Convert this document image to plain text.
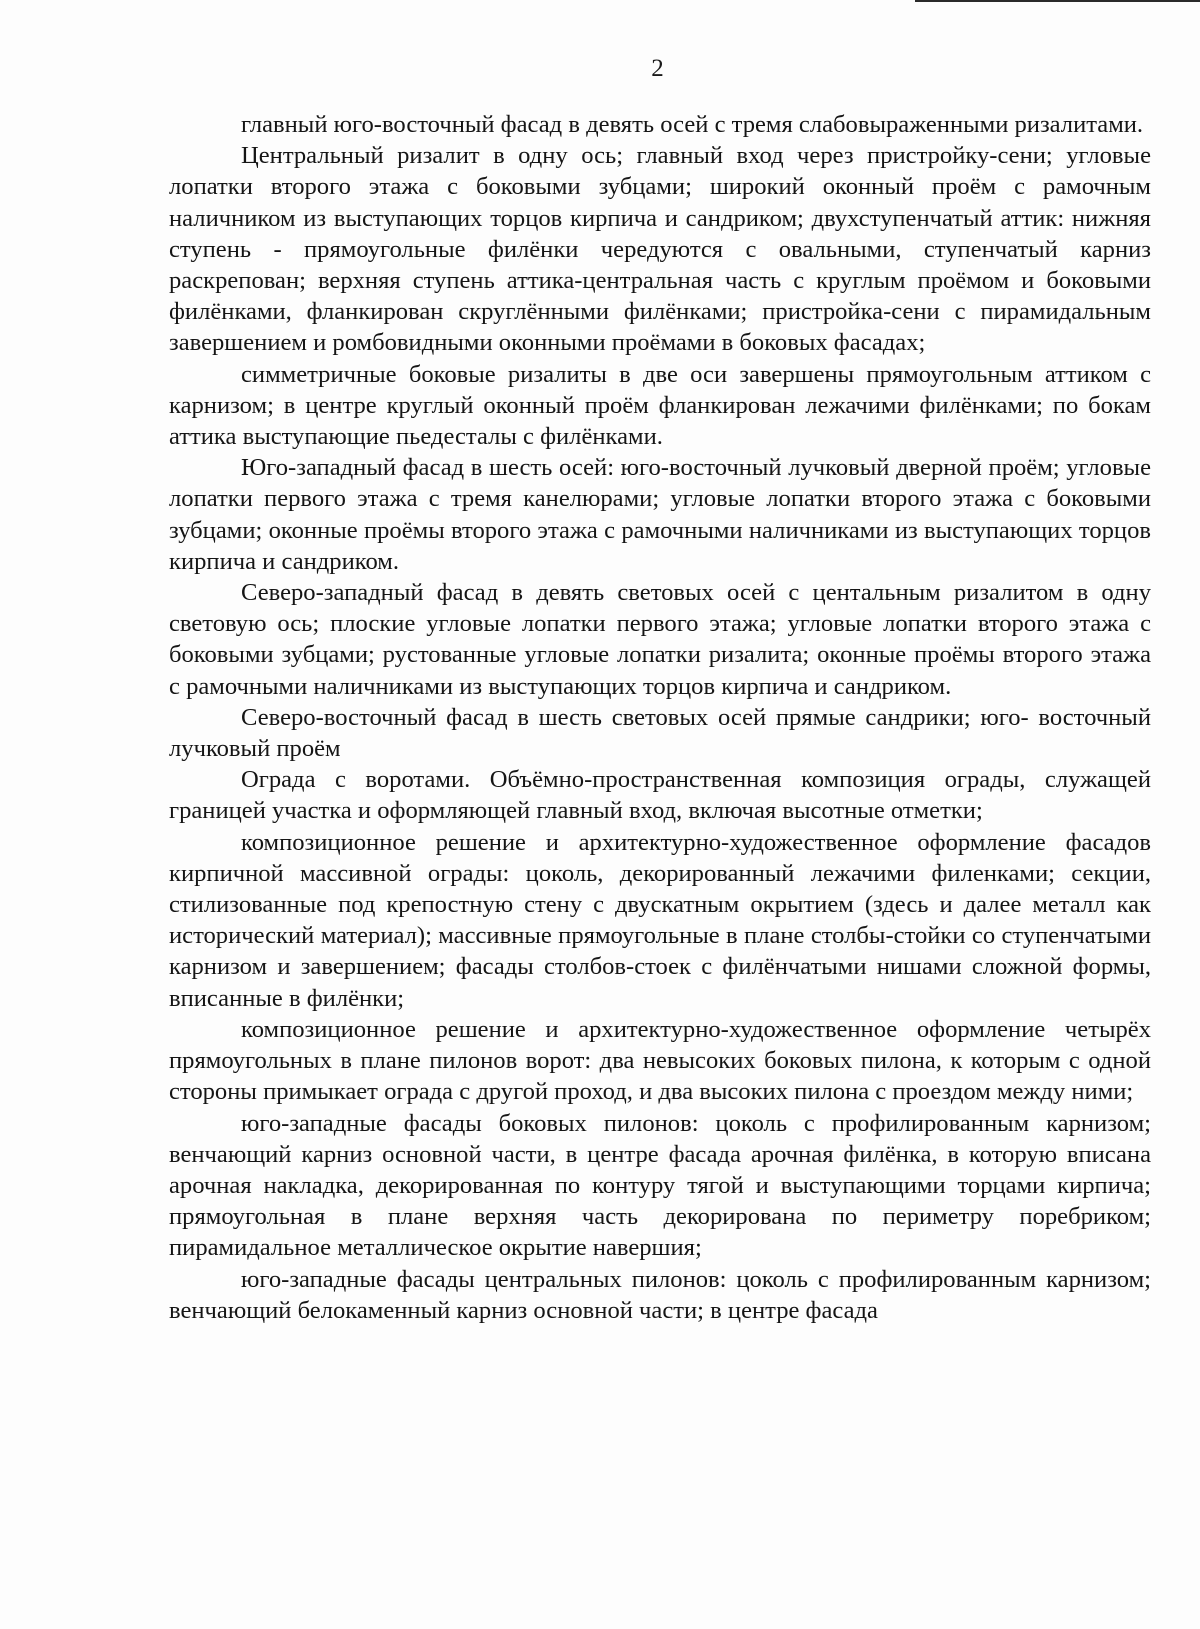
2

главный юго-восточный фасад в девять осей с тремя слабовыраженными ризалитами.

Центральный ризалит в одну ось; главный вход через пристройку-сени; угловые лопатки второго этажа с боковыми зубцами; широкий оконный проём с рамочным наличником из выступающих торцов кирпича и сандриком; двухступенчатый аттик: нижняя ступень - прямоугольные филёнки чередуются с овальными, ступенчатый карниз раскрепован; верхняя ступень аттика-центральная часть с круглым проёмом и боковыми филёнками, фланкирован скруглёнными филёнками; пристройка-сени с пирамидальным завершением и ромбовидными оконными проёмами в боковых фасадах;

симметричные боковые ризалиты в две оси завершены прямоугольным аттиком с карнизом; в центре круглый оконный проём фланкирован лежачими филёнками; по бокам аттика выступающие пьедесталы с филёнками.

Юго-западный фасад в шесть осей: юго-восточный лучковый дверной проём; угловые лопатки первого этажа с тремя канелюрами; угловые лопатки второго этажа с боковыми зубцами; оконные проёмы второго этажа с рамочными наличниками из выступающих торцов кирпича и сандриком.

Северо-западный фасад в девять световых осей с центальным ризалитом в одну световую ось; плоские угловые лопатки первого этажа; угловые лопатки второго этажа с боковыми зубцами; рустованные угловые лопатки ризалита; оконные проёмы второго этажа с рамочными наличниками из выступающих торцов кирпича и сандриком.

Северо-восточный фасад в шесть световых осей прямые сандрики; юго- восточный лучковый проём

Ограда с воротами. Объёмно-пространственная композиция ограды, служащей границей участка и оформляющей главный вход, включая высотные отметки;

композиционное решение и архитектурно-художественное оформление фасадов кирпичной массивной ограды: цоколь, декорированный лежачими филенками; секции, стилизованные под крепостную стену с двускатным окрытием (здесь и далее металл как исторический материал); массивные прямоугольные в плане столбы-стойки со ступенчатыми карнизом и завершением; фасады столбов-стоек с филёнчатыми нишами сложной формы, вписанные в филёнки;

композиционное решение и архитектурно-художественное оформление четырёх прямоугольных в плане пилонов ворот: два невысоких боковых пилона, к которым с одной стороны примыкает ограда с другой проход, и два высоких пилона с проездом между ними;

юго-западные фасады боковых пилонов: цоколь с профилированным карнизом; венчающий карниз основной части, в центре фасада арочная филёнка, в которую вписана арочная накладка, декорированная по контуру тягой и выступающими торцами кирпича; прямоугольная в плане верхняя часть декорирована по периметру поребриком; пирамидальное металлическое окрытие навершия;

юго-западные фасады центральных пилонов: цоколь с профилированным карнизом; венчающий белокаменный карниз основной части; в центре фасада
